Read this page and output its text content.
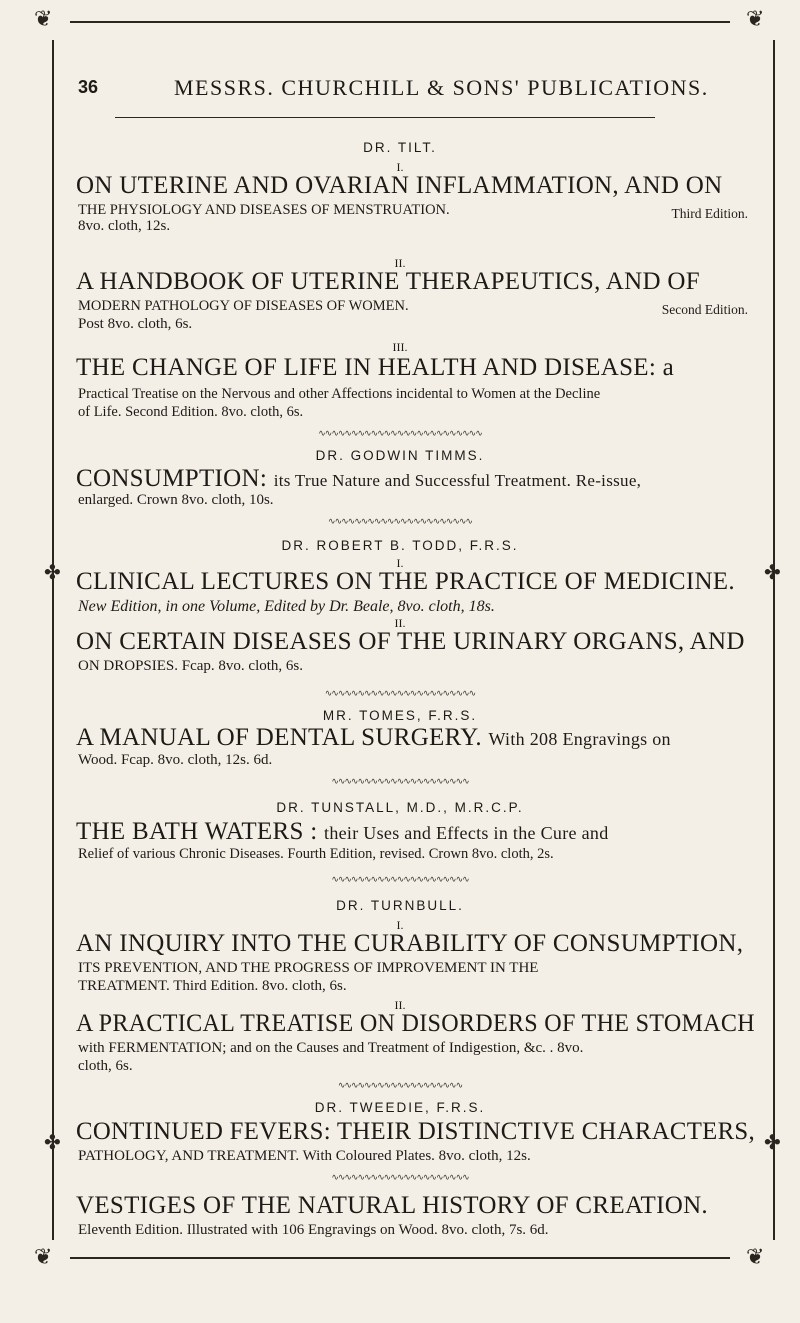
❦	❦
❦	❦
✤	✤
✤	✤
36	MESSRS. CHURCHILL & SONS' PUBLICATIONS.
DR. TILT.
I.
ON UTERINE AND OVARIAN INFLAMMATION, AND ON
THE PHYSIOLOGY AND DISEASES OF MENSTRUATION.	Third Edition.
8vo. cloth, 12s.
II.
A HANDBOOK OF UTERINE THERAPEUTICS, AND OF
MODERN PATHOLOGY OF DISEASES OF WOMEN.	Second Edition.
Post 8vo. cloth, 6s.
III.
THE CHANGE OF LIFE IN HEALTH AND DISEASE: a
Practical Treatise on the Nervous and other Affections incidental to Women at the Decline
of Life. Second Edition. 8vo. cloth, 6s.
∿∿∿∿∿∿∿∿∿∿∿∿∿∿∿∿∿∿∿∿∿∿∿∿∿
DR. GODWIN TIMMS.
CONSUMPTION: its True Nature and Successful Treatment. Re-issue,
enlarged. Crown 8vo. cloth, 10s.
∿∿∿∿∿∿∿∿∿∿∿∿∿∿∿∿∿∿∿∿∿∿
DR. ROBERT B. TODD, F.R.S.
I.
CLINICAL LECTURES ON THE PRACTICE OF MEDICINE.
New Edition, in one Volume, Edited by Dr. Beale, 8vo. cloth, 18s.
II.
ON CERTAIN DISEASES OF THE URINARY ORGANS, AND
ON DROPSIES. Fcap. 8vo. cloth, 6s.
∿∿∿∿∿∿∿∿∿∿∿∿∿∿∿∿∿∿∿∿∿∿∿
MR. TOMES, F.R.S.
A MANUAL OF DENTAL SURGERY. With 208 Engravings on
Wood. Fcap. 8vo. cloth, 12s. 6d.
∿∿∿∿∿∿∿∿∿∿∿∿∿∿∿∿∿∿∿∿∿
DR. TUNSTALL, M.D., M.R.C.P.
THE BATH WATERS : their Uses and Effects in the Cure and
Relief of various Chronic Diseases. Fourth Edition, revised. Crown 8vo. cloth, 2s.
∿∿∿∿∿∿∿∿∿∿∿∿∿∿∿∿∿∿∿∿∿
DR. TURNBULL.
I.
AN INQUIRY INTO THE CURABILITY OF CONSUMPTION,
ITS PREVENTION, AND THE PROGRESS OF IMPROVEMENT IN THE
TREATMENT. Third Edition. 8vo. cloth, 6s.
II.
A PRACTICAL TREATISE ON DISORDERS OF THE STOMACH
with FERMENTATION; and on the Causes and Treatment of Indigestion, &c. . 8vo.
cloth, 6s.
∿∿∿∿∿∿∿∿∿∿∿∿∿∿∿∿∿∿∿
DR. TWEEDIE, F.R.S.
CONTINUED FEVERS: THEIR DISTINCTIVE CHARACTERS,
PATHOLOGY, AND TREATMENT. With Coloured Plates. 8vo. cloth, 12s.
∿∿∿∿∿∿∿∿∿∿∿∿∿∿∿∿∿∿∿∿∿
VESTIGES OF THE NATURAL HISTORY OF CREATION.
Eleventh Edition. Illustrated with 106 Engravings on Wood. 8vo. cloth, 7s. 6d.
